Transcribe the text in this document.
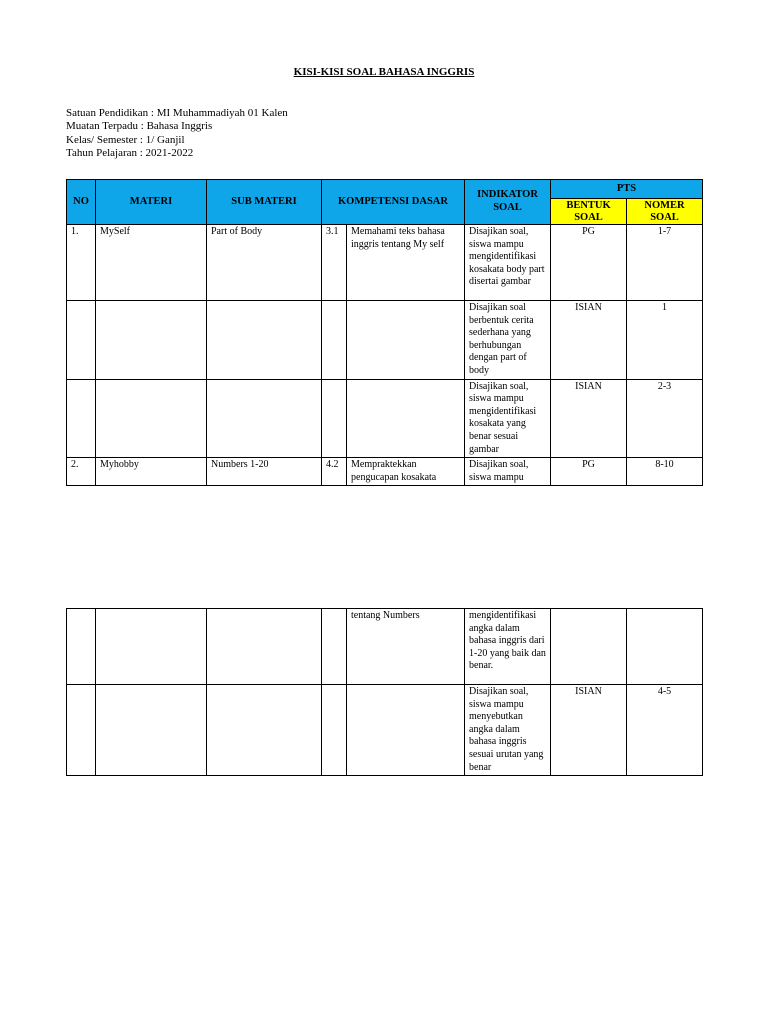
KISI-KISI SOAL BAHASA INGGRIS
Satuan Pendidikan : MI Muhammadiyah 01 Kalen
Muatan Terpadu : Bahasa Inggris
Kelas/ Semester : 1/ Ganjil
Tahun Pelajaran : 2021-2022
NO	MATERI	SUB MATERI	KOMPETENSI DASAR		INDIKATOR SOAL	PTS	
						BENTUK SOAL	NOMER SOAL
1.	MySelf	Part of Body	3.1	Memahami teks bahasa inggris tentang My self	Disajikan soal, siswa mampu mengidentifikasi kosakata body part disertai gambar	PG	1-7
					Disajikan soal berbentuk cerita sederhana yang berhubungan dengan part of body	ISIAN	1
					Disajikan soal, siswa mampu mengidentifikasi kosakata yang benar sesuai gambar	ISIAN	2-3
2.	Myhobby	Numbers 1-20	4.2	Mempraktekkan pengucapan kosakata	Disajikan soal, siswa mampu	PG	8-10
				tentang Numbers	mengidentifikasi angka dalam bahasa inggris dari 1-20 yang baik dan benar.		
					Disajikan soal, siswa mampu menyebutkan angka dalam bahasa inggris sesuai urutan yang benar	ISIAN	4-5
